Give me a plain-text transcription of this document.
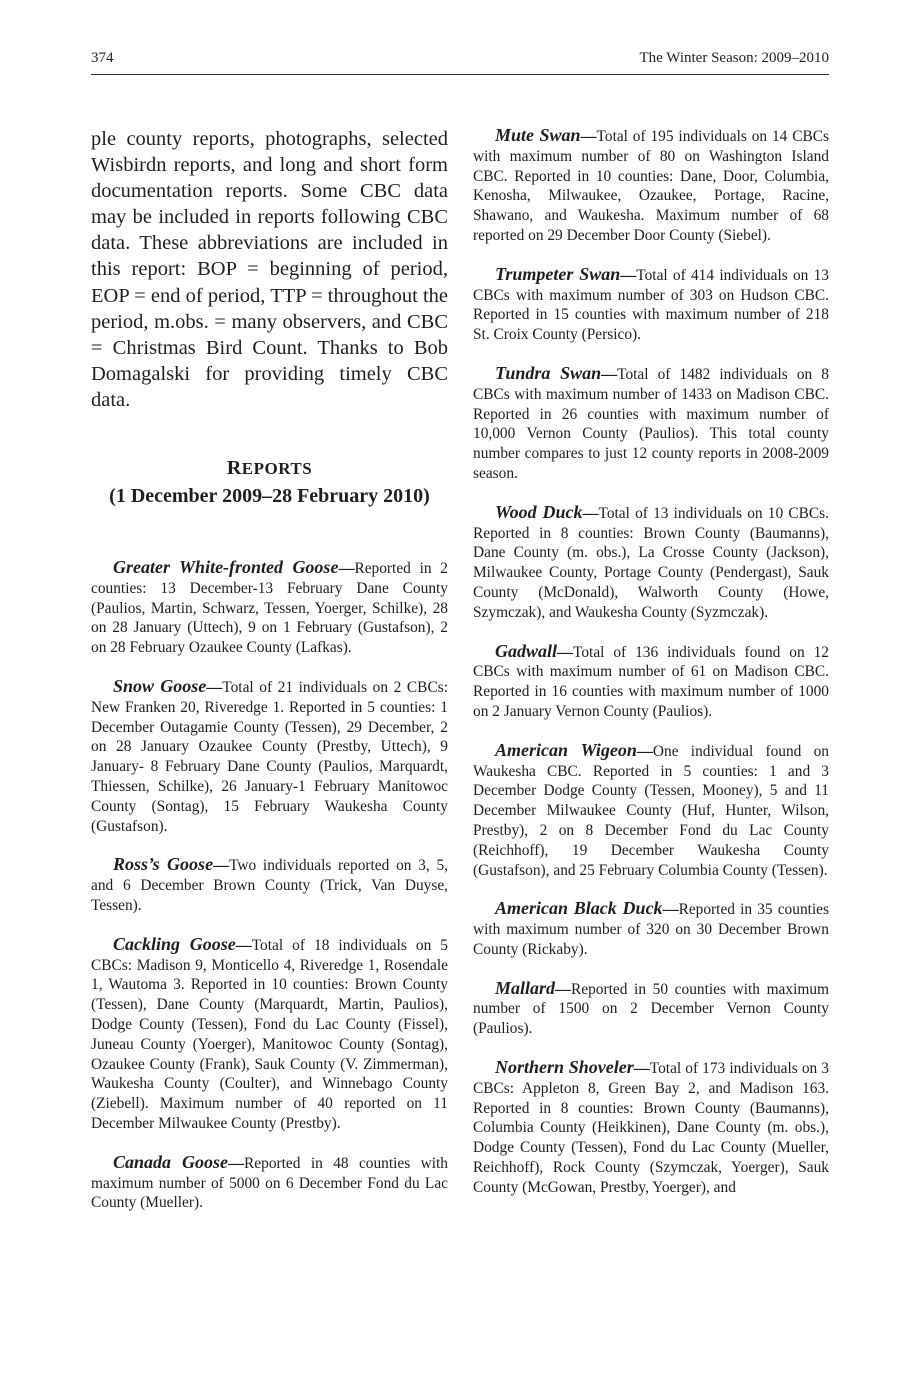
374	The Winter Season: 2009–2010

ple county reports, photographs, selected Wisbirdn reports, and long and short form documentation reports. Some CBC data may be included in reports following CBC data. These abbreviations are included in this report: BOP = beginning of period, EOP = end of period, TTP = throughout the period, m.obs. = many observers, and CBC = Christmas Bird Count. Thanks to Bob Domagalski for providing timely CBC data.

REPORTS
(1 December 2009–28 February 2010)

Greater White-fronted Goose—Reported in 2 counties: 13 December-13 February Dane County (Paulios, Martin, Schwarz, Tessen, Yoerger, Schilke), 28 on 28 January (Uttech), 9 on 1 February (Gustafson), 2 on 28 February Ozaukee County (Lafkas).

Snow Goose—Total of 21 individuals on 2 CBCs: New Franken 20, Riveredge 1. Reported in 5 counties: 1 December Outagamie County (Tessen), 29 December, 2 on 28 January Ozaukee County (Prestby, Uttech), 9 January- 8 February Dane County (Paulios, Marquardt, Thiessen, Schilke), 26 January-1 February Manitowoc County (Sontag), 15 February Waukesha County (Gustafson).

Ross’s Goose—Two individuals reported on 3, 5, and 6 December Brown County (Trick, Van Duyse, Tessen).

Cackling Goose—Total of 18 individuals on 5 CBCs: Madison 9, Monticello 4, Riveredge 1, Rosendale 1, Wautoma 3. Reported in 10 counties: Brown County (Tessen), Dane County (Marquardt, Martin, Paulios), Dodge County (Tessen), Fond du Lac County (Fissel), Juneau County (Yoerger), Manitowoc County (Sontag), Ozaukee County (Frank), Sauk County (V. Zimmerman), Waukesha County (Coulter), and Winnebago County (Ziebell). Maximum number of 40 reported on 11 December Milwaukee County (Prestby).

Canada Goose—Reported in 48 counties with maximum number of 5000 on 6 December Fond du Lac County (Mueller).

Mute Swan—Total of 195 individuals on 14 CBCs with maximum number of 80 on Washington Island CBC. Reported in 10 counties: Dane, Door, Columbia, Kenosha, Milwaukee, Ozaukee, Portage, Racine, Shawano, and Waukesha. Maximum number of 68 reported on 29 December Door County (Siebel).

Trumpeter Swan—Total of 414 individuals on 13 CBCs with maximum number of 303 on Hudson CBC. Reported in 15 counties with maximum number of 218 St. Croix County (Persico).

Tundra Swan—Total of 1482 individuals on 8 CBCs with maximum number of 1433 on Madison CBC. Reported in 26 counties with maximum number of 10,000 Vernon County (Paulios). This total county number compares to just 12 county reports in 2008-2009 season.

Wood Duck—Total of 13 individuals on 10 CBCs. Reported in 8 counties: Brown County (Baumanns), Dane County (m. obs.), La Crosse County (Jackson), Milwaukee County, Portage County (Pendergast), Sauk County (McDonald), Walworth County (Howe, Szymczak), and Waukesha County (Syzmczak).

Gadwall—Total of 136 individuals found on 12 CBCs with maximum number of 61 on Madison CBC. Reported in 16 counties with maximum number of 1000 on 2 January Vernon County (Paulios).

American Wigeon—One individual found on Waukesha CBC. Reported in 5 counties: 1 and 3 December Dodge County (Tessen, Mooney), 5 and 11 December Milwaukee County (Huf, Hunter, Wilson, Prestby), 2 on 8 December Fond du Lac County (Reichhoff), 19 December Waukesha County (Gustafson), and 25 February Columbia County (Tessen).

American Black Duck—Reported in 35 counties with maximum number of 320 on 30 December Brown County (Rickaby).

Mallard—Reported in 50 counties with maximum number of 1500 on 2 December Vernon County (Paulios).

Northern Shoveler—Total of 173 individuals on 3 CBCs: Appleton 8, Green Bay 2, and Madison 163. Reported in 8 counties: Brown County (Baumanns), Columbia County (Heikkinen), Dane County (m. obs.), Dodge County (Tessen), Fond du Lac County (Mueller, Reichhoff), Rock County (Szymczak, Yoerger), Sauk County (McGowan, Prestby, Yoerger), and
